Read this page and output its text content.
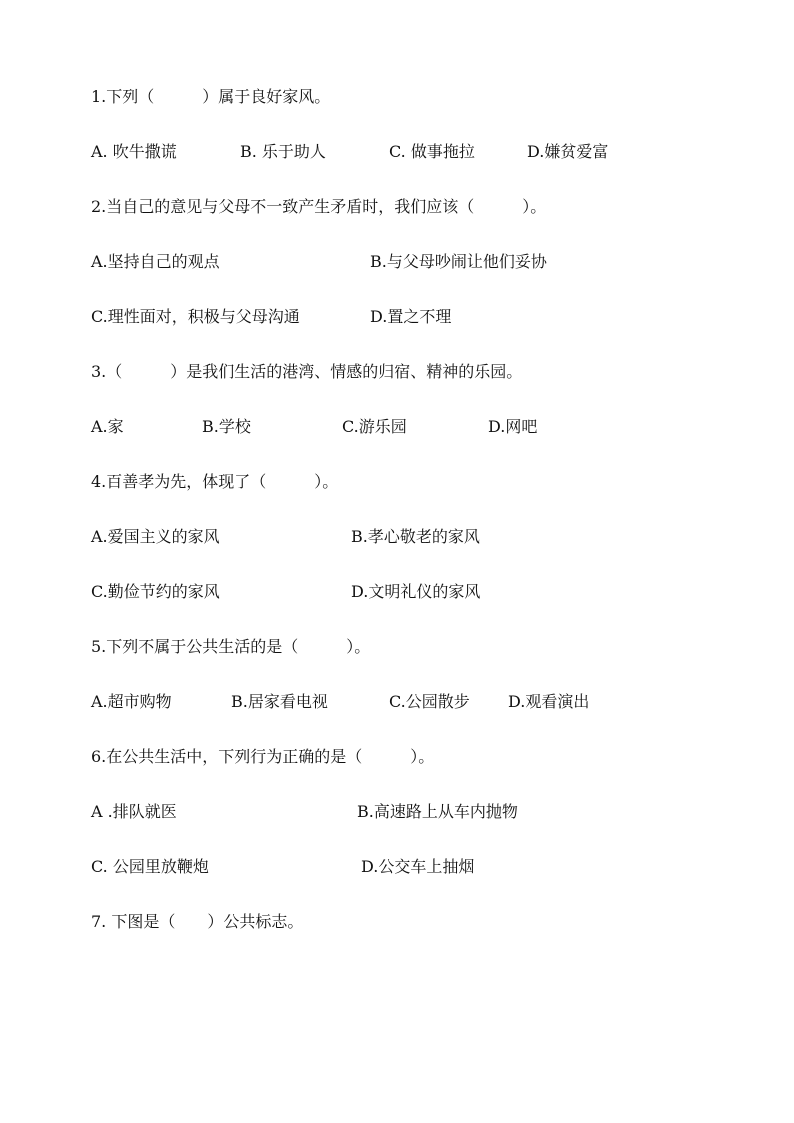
1.下列（　　　）属于良好家风。
A. 吹牛撒谎	B. 乐于助人	C. 做事拖拉	D.嫌贫爱富
2.当自己的意见与父母不一致产生矛盾时，我们应该（　　　）。
A.坚持自己的观点	B.与父母吵闹让他们妥协
C.理性面对，积极与父母沟通	D.置之不理
3.（　　　）是我们生活的港湾、情感的归宿、精神的乐园。
A.家	B.学校	C.游乐园	D.网吧
4.百善孝为先，体现了（　　　）。
A.爱国主义的家风	B.孝心敬老的家风
C.勤俭节约的家风	D.文明礼仪的家风
5.下列不属于公共生活的是（　　　）。
A.超市购物	B.居家看电视	C.公园散步 D.观看演出
6.在公共生活中，下列行为正确的是（　　　）。
A .排队就医	B.高速路上从车内抛物
C. 公园里放鞭炮	D.公交车上抽烟
7. 下图是（　　）公共标志。
